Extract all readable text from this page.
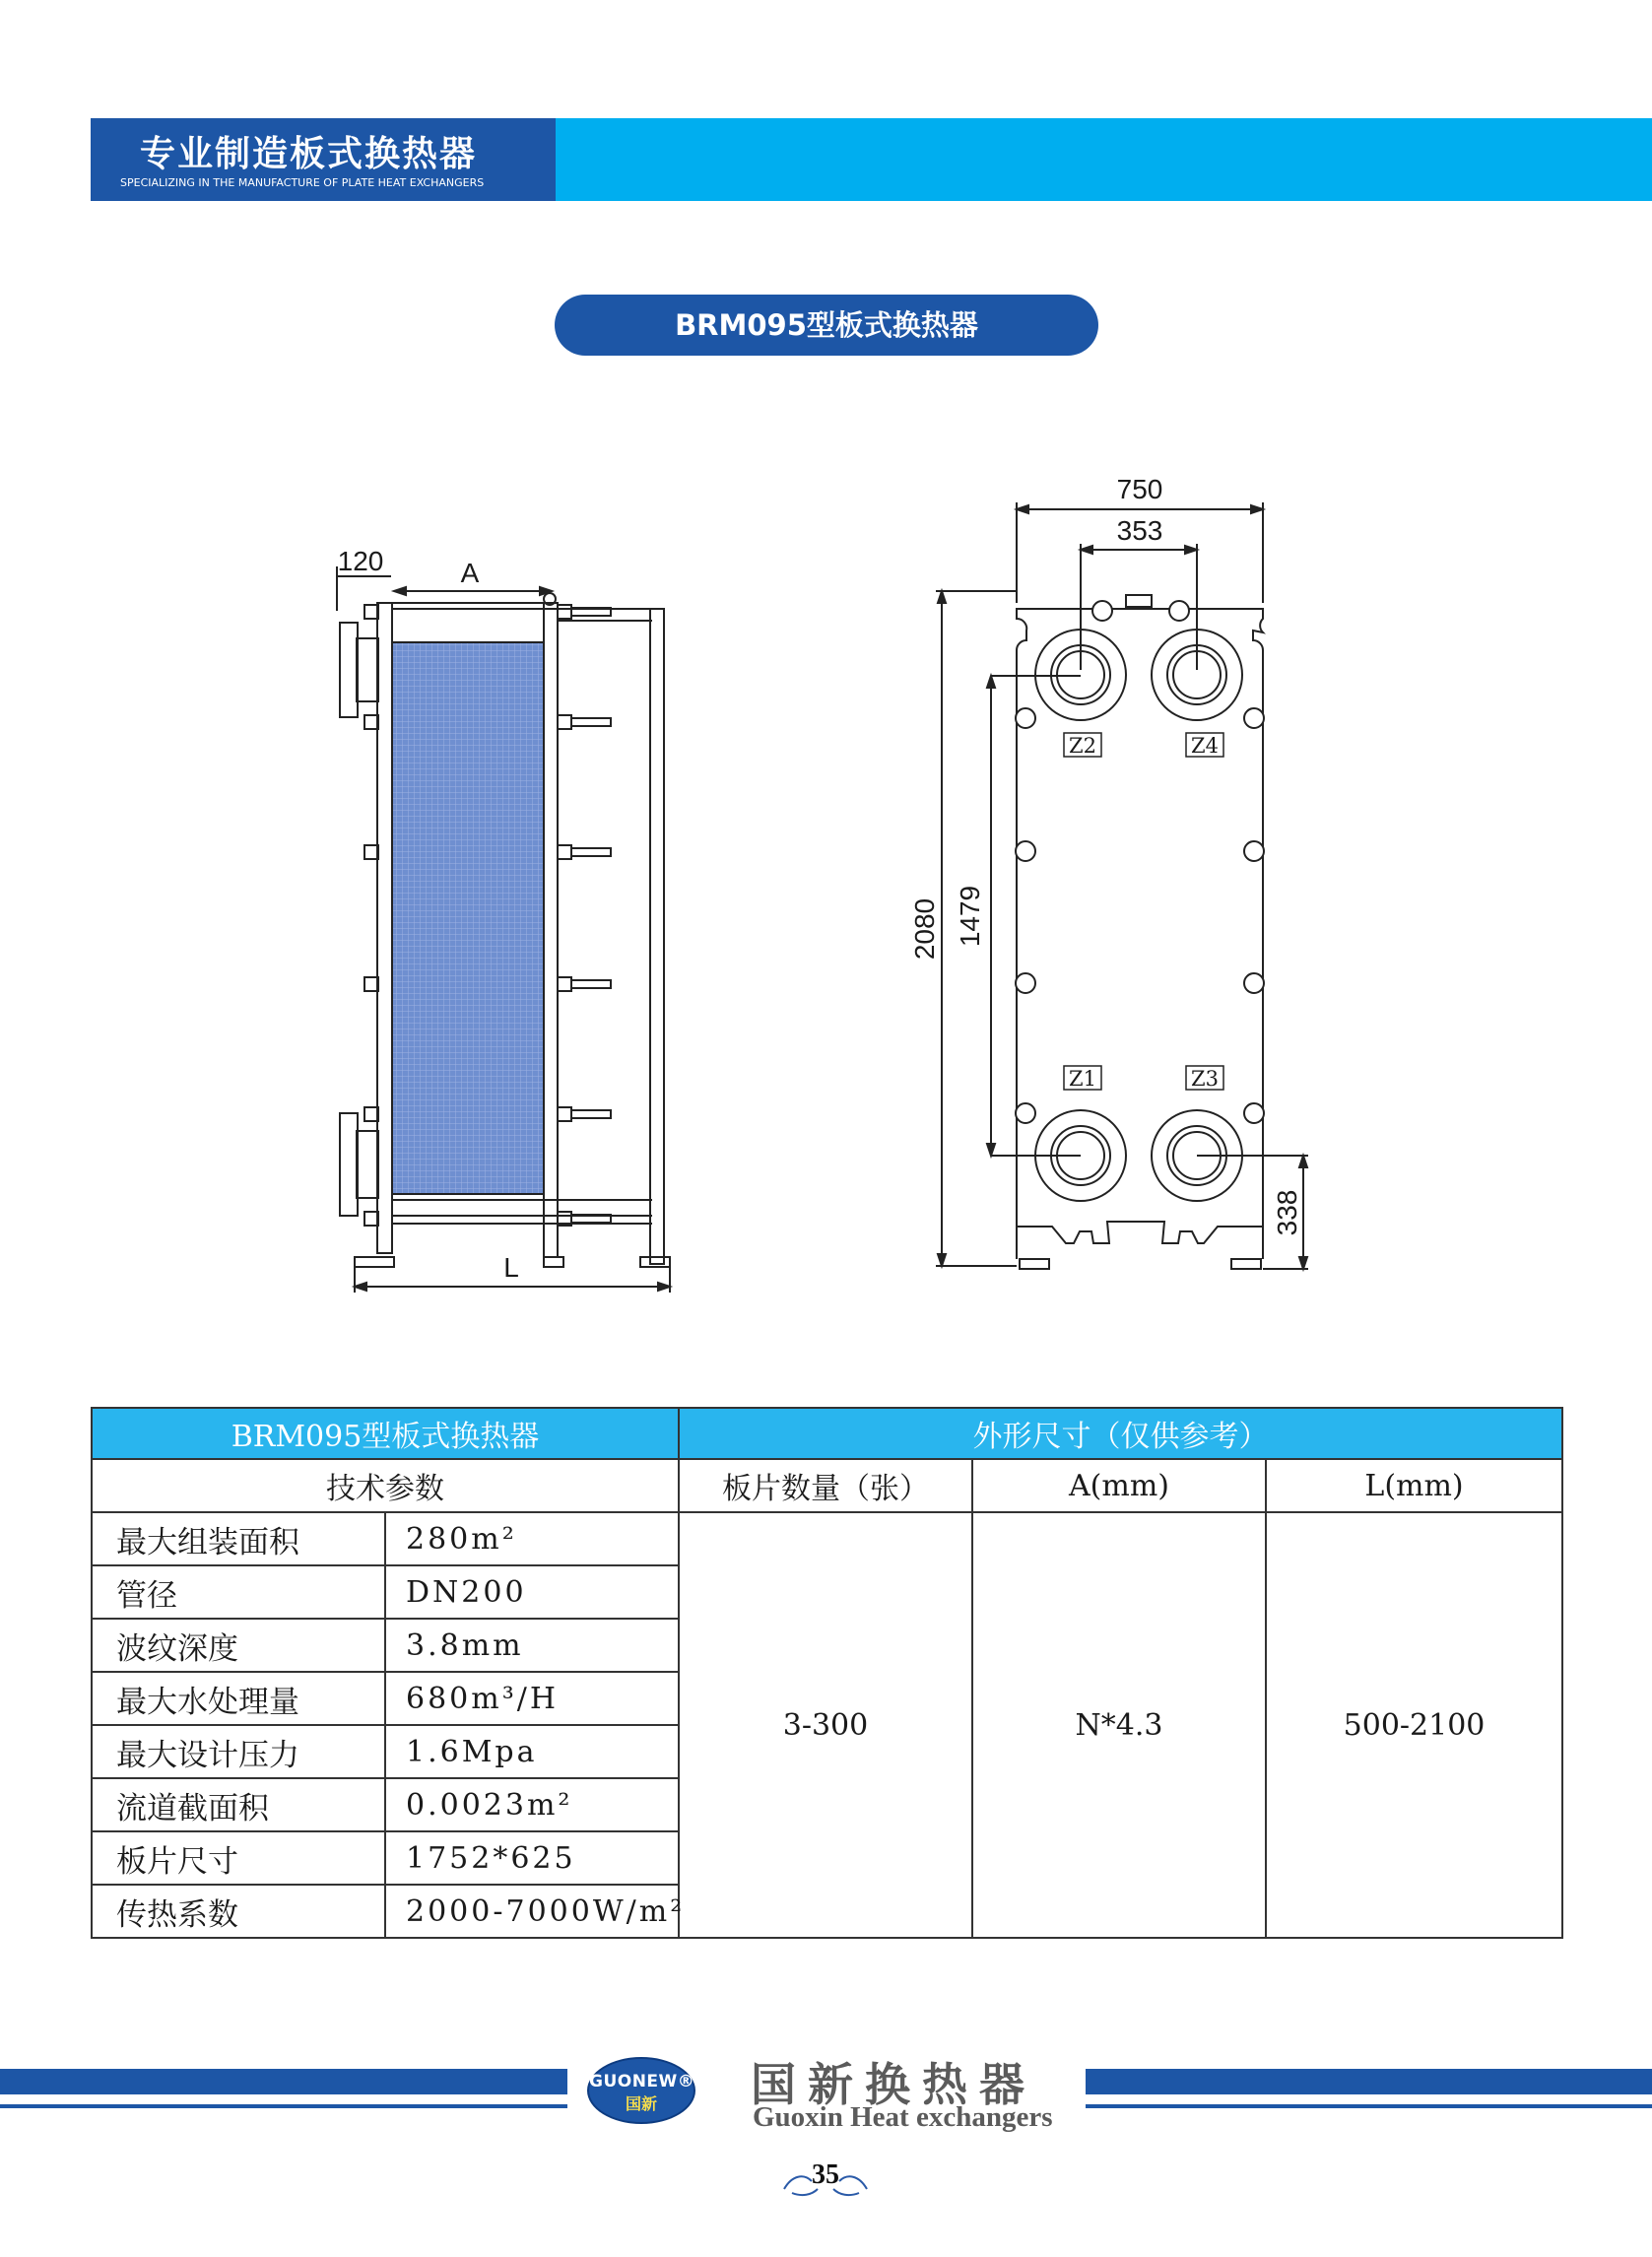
专业制造板式换热器
SPECIALIZING IN THE MANUFACTURE OF PLATE HEAT EXCHANGERS
BRM095型板式换热器
120	A
L
Z2	Z4
Z1	Z3
750
353
2080 1479
338
BRM095型板式换热器		外形尺寸（仅供参考）		
技术参数		板片数量（张）	A(mm)	L(mm)
最大组装面积	280m²	3-300	N*4.3	500-2100
管径	DN200			
波纹深度	3.8mm			
最大水处理量	680m³/H			
最大设计压力	1.6Mpa			
流道截面积	0.0023m²			
板片尺寸	1752*625			
传热系数	2000-7000W/m²			
GUONEW®
国新	国新换热器
Guoxin Heat exchangers
35
